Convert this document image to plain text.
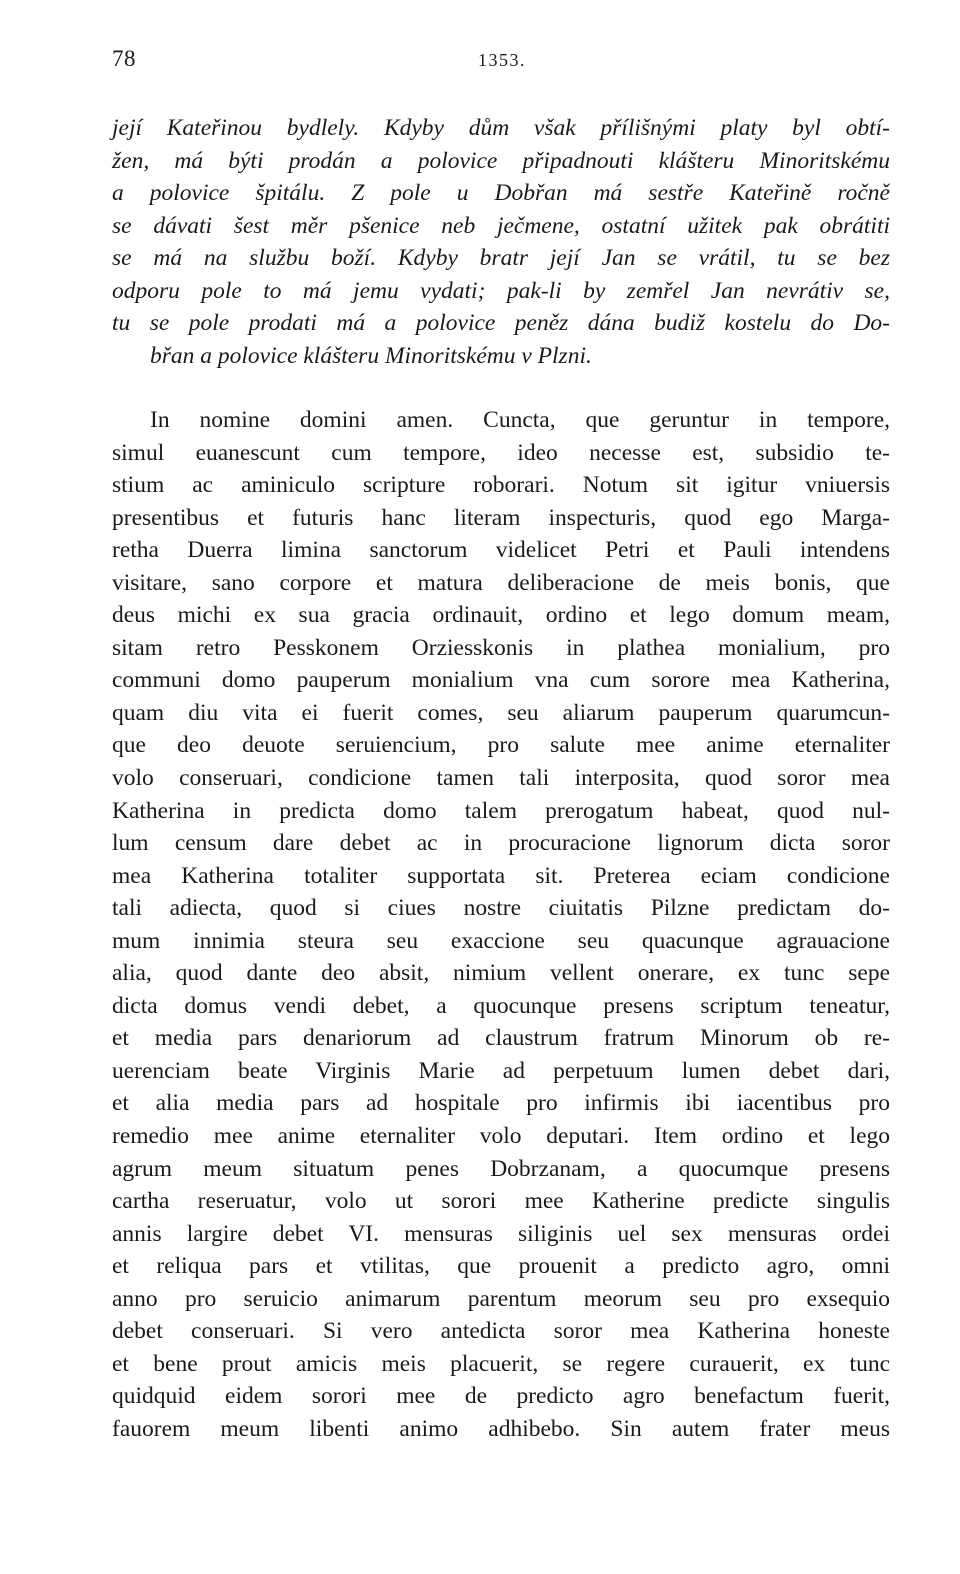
78	1353.
její Kateřinou bydlely. Kdyby dům však přílišnými platy byl obtí-
žen, má býti prodán a polovice připadnouti klášteru Minoritskému
a polovice špitálu. Z pole u Dobřan má sestře Kateřině ročně
se dávati šest měr pšenice neb ječmene, ostatní užitek pak obrátiti
se má na službu boží. Kdyby bratr její Jan se vrátil, tu se bez
odporu pole to má jemu vydati; pak-li by zemřel Jan nevrátiv se,
tu se pole prodati má a polovice peněz dána budiž kostelu do Do-
břan a polovice klášteru Minoritskému v Plzni.
In nomine domini amen. Cuncta, que geruntur in tempore,
simul euanescunt cum tempore, ideo necesse est, subsidio te-
stium ac aminiculo scripture roborari. Notum sit igitur vniuersis
presentibus et futuris hanc literam inspecturis, quod ego Marga-
retha Duerra limina sanctorum videlicet Petri et Pauli intendens
visitare, sano corpore et matura deliberacione de meis bonis, que
deus michi ex sua gracia ordinauit, ordino et lego domum meam,
sitam retro Pesskonem Orziesskonis in plathea monialium, pro
communi domo pauperum monialium vna cum sorore mea Katherina,
quam diu vita ei fuerit comes, seu aliarum pauperum quarumcun-
que deo deuote seruiencium, pro salute mee anime eternaliter
volo conseruari, condicione tamen tali interposita, quod soror mea
Katherina in predicta domo talem prerogatum habeat, quod nul-
lum censum dare debet ac in procuracione lignorum dicta soror
mea Katherina totaliter supportata sit. Preterea eciam condicione
tali adiecta, quod si ciues nostre ciuitatis Pilzne predictam do-
mum innimia steura seu exaccione seu quacunque agrauacione
alia, quod dante deo absit, nimium vellent onerare, ex tunc sepe
dicta domus vendi debet, a quocunque presens scriptum teneatur,
et media pars denariorum ad claustrum fratrum Minorum ob re-
uerenciam beate Virginis Marie ad perpetuum lumen debet dari,
et alia media pars ad hospitale pro infirmis ibi iacentibus pro
remedio mee anime eternaliter volo deputari. Item ordino et lego
agrum meum situatum penes Dobrzanam, a quocumque presens
cartha reseruatur, volo ut sorori mee Katherine predicte singulis
annis largire debet VI. mensuras siliginis uel sex mensuras ordei
et reliqua pars et vtilitas, que prouenit a predicto agro, omni
anno pro seruicio animarum parentum meorum seu pro exsequio
debet conseruari. Si vero antedicta soror mea Katherina honeste
et bene prout amicis meis placuerit, se regere curauerit, ex tunc
quidquid eidem sorori mee de predicto agro benefactum fuerit,
fauorem meum libenti animo adhibebo. Sin autem frater meus
